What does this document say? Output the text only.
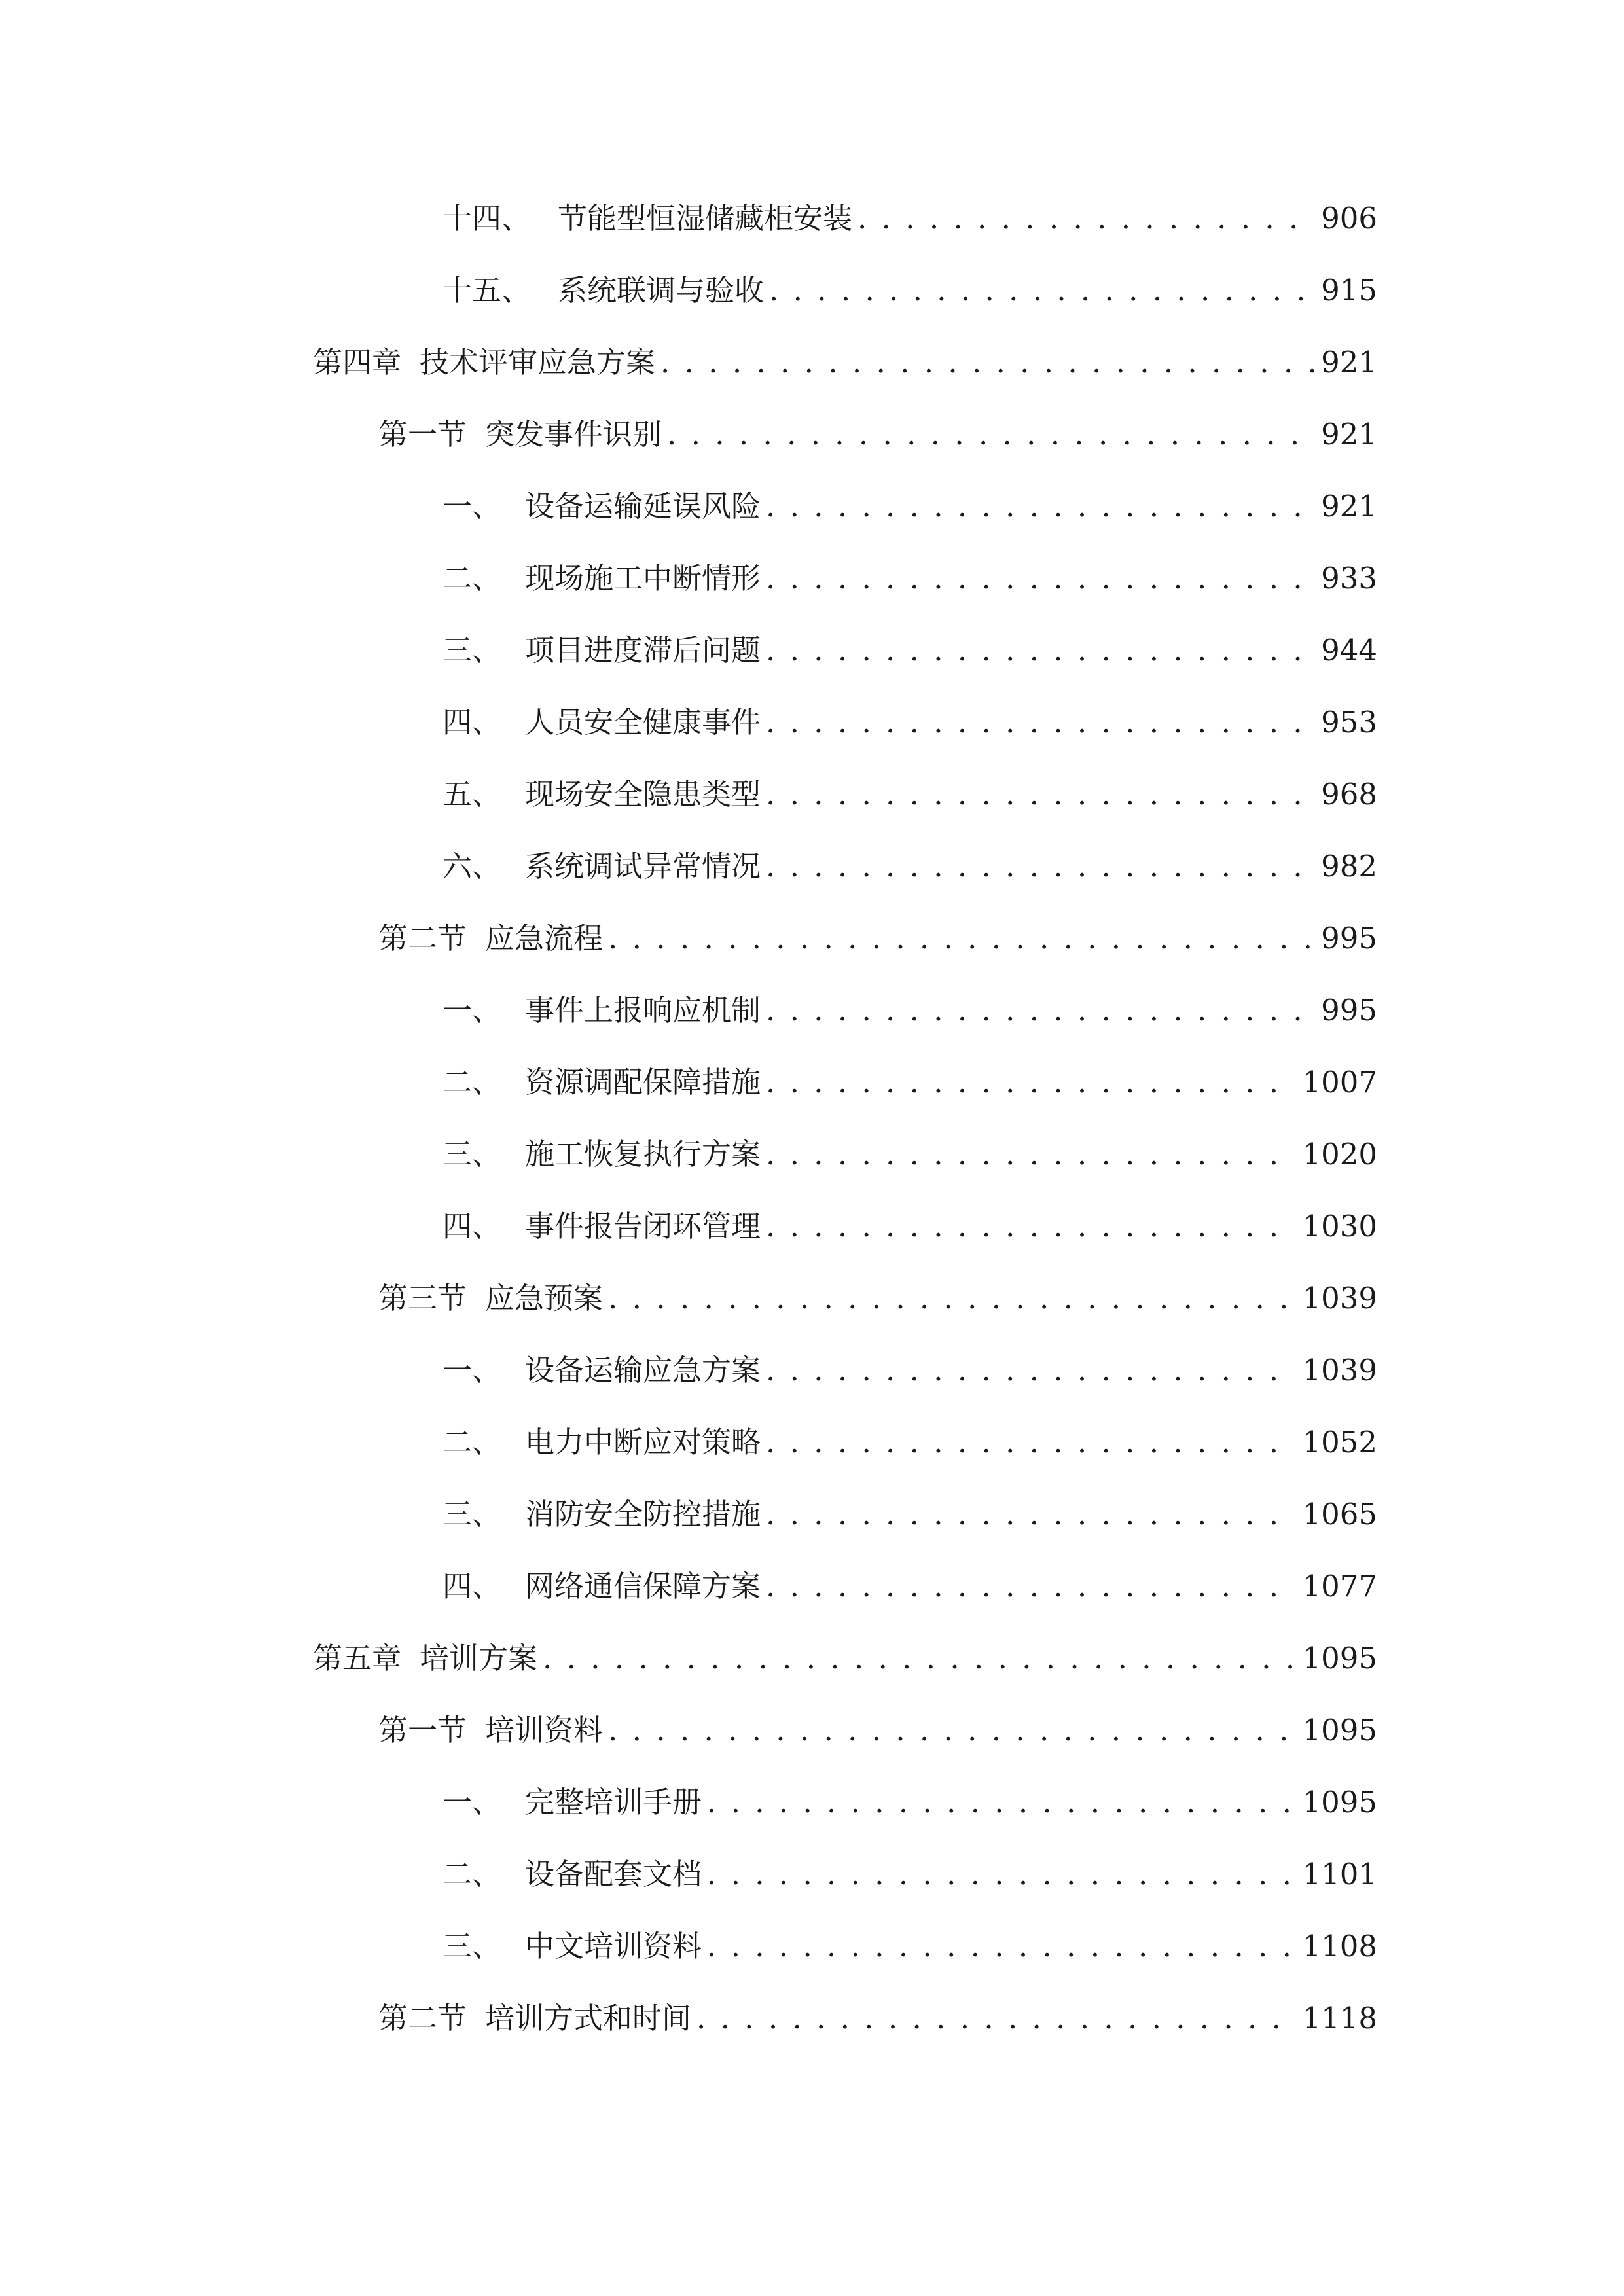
十四、 节能型恒湿储藏柜安装 . . .	906
十五、 系统联调与验收 . . .	915
第四章 技术评审应急方案 . . .	921
第一节 突发事件识别 . . .	921
一、 设备运输延误风险 . . .	921
二、 现场施工中断情形 . . .	933
三、 项目进度滞后问题 . . .	944
四、 人员安全健康事件 . . .	953
五、 现场安全隐患类型 . . .	968
六、 系统调试异常情况 . . .	982
第二节 应急流程 . . .	995
一、 事件上报响应机制 . . .	995
二、 资源调配保障措施 . . .	1007
三、 施工恢复执行方案 . . .	1020
四、 事件报告闭环管理 . . .	1030
第三节 应急预案 . . .	1039
一、 设备运输应急方案 . . .	1039
二、 电力中断应对策略 . . .	1052
三、 消防安全防控措施 . . .	1065
四、 网络通信保障方案 . . .	1077
第五章 培训方案 . . .	1095
第一节 培训资料 . . .	1095
一、 完整培训手册 . . .	1095
二、 设备配套文档 . . .	1101
三、 中文培训资料 . . .	1108
第二节 培训方式和时间 . . .	1118
